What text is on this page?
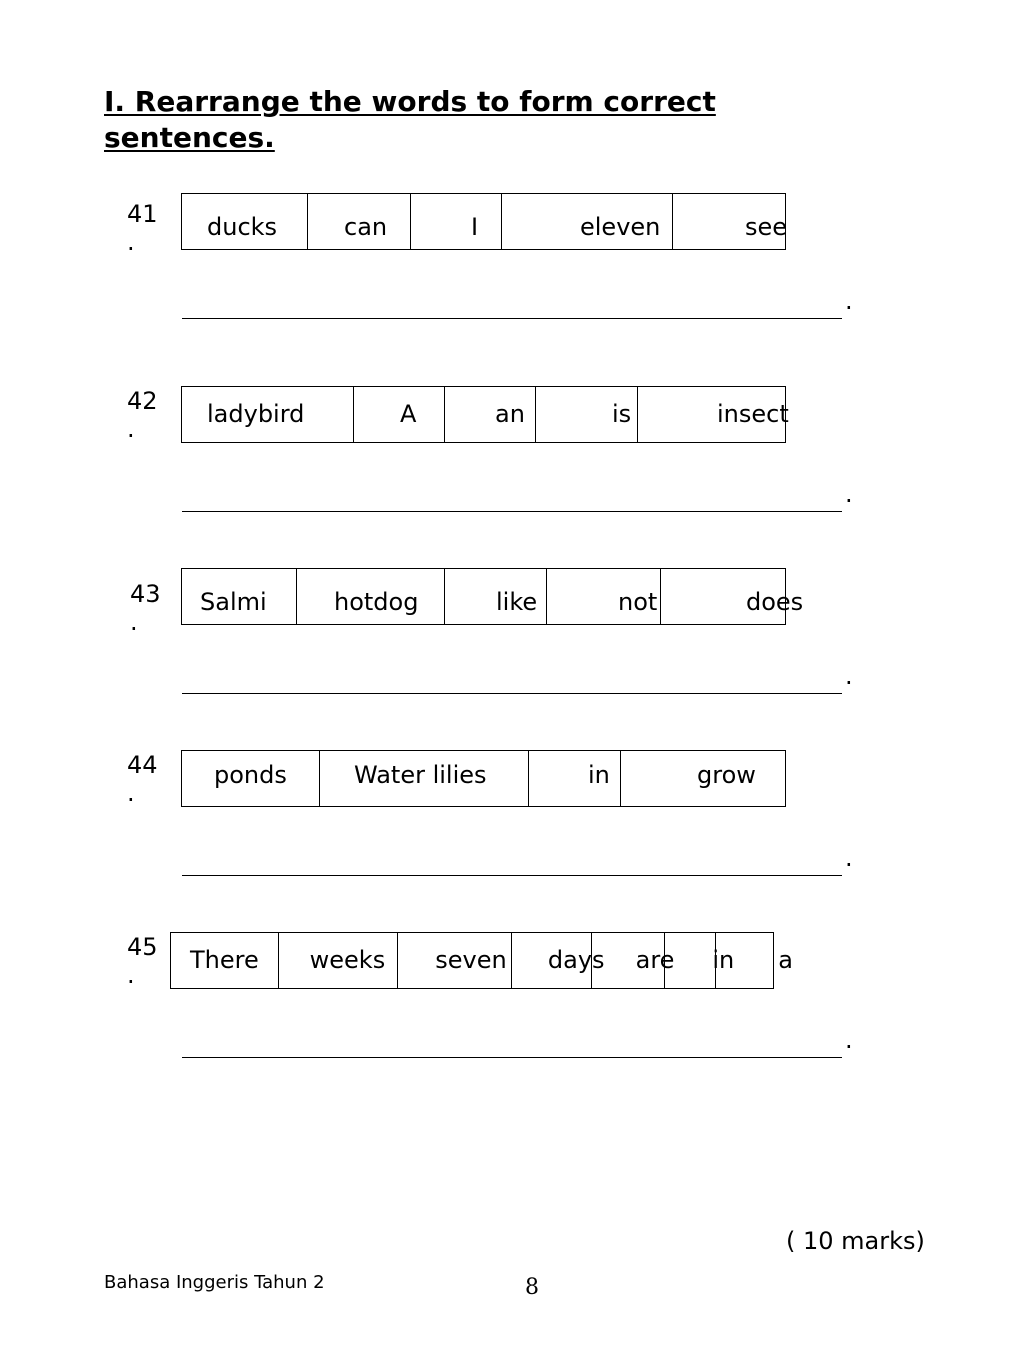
I. Rearrange the words to form correct
sentences.
41
.
ducks	can	I	eleven	see
.
42
.
ladybird	A	an	is	insect
.
43
.
Salmi	hotdog	like	not	does
.
44
.
ponds	Water lilies	in	grow
.
45
.
There weeks seven days are in a
.
( 10 marks)
Bahasa Inggeris Tahun 2	8
